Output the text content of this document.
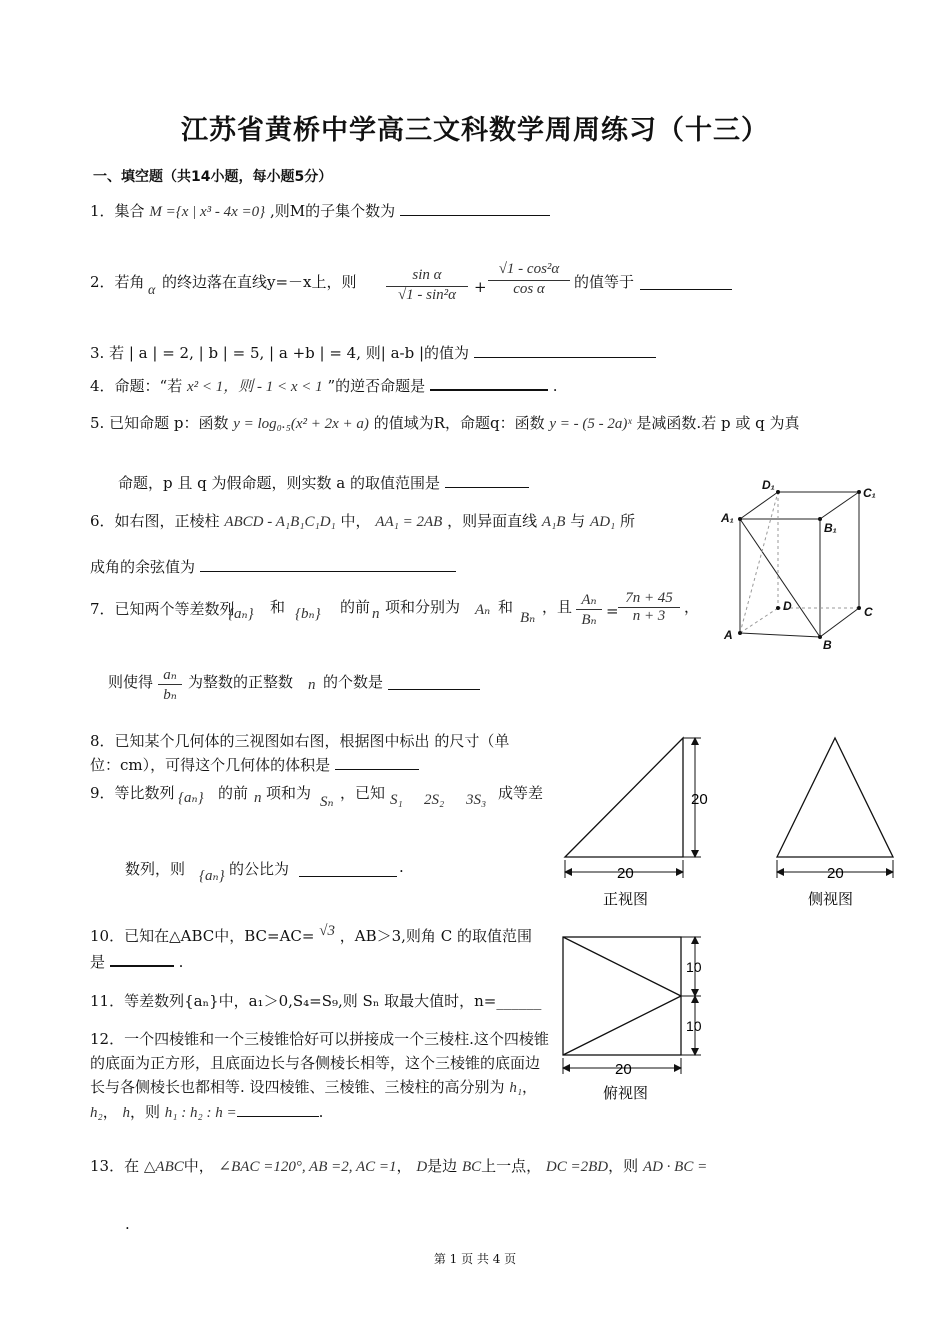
江苏省黄桥中学高三文科数学周周练习（十三）
一、填空题（共14小题，每小题5分）
1．集合 M ={x | x³ - 4x =0} ,则M的子集个数为
2．若角 α 的终边落在直线y=－x上，则 $\frac{\text{sin α}}{\text{√1 - sin²α}} + \frac{\text{√1 - cos²α}}{\text{cos α}}$ 的值等于
3. 若 | a | = 2, | b | = 5, | a +b | = 4, 则| a-b |的值为
4．命题：“若 x² < 1，则 - 1 < x < 1 ”的逆否命题是	.
5. 已知命题 p：函数 y = log₀.₅(x² + 2x + a) 的值域为R，命题q：函数 y = - (5 - 2a)ˣ 是减函数.若 p 或 q 为真
命题，p 且 q 为假命题，则实数 a 的取值范围是
6．如右图，正棱柱 ABCD - A₁B₁C₁D₁ 中， AA₁ = 2AB ，则异面直线 A₁B 与 AD₁ 所
成角的余弦值为
A₁
B₁
D₁
C₁
A
B
D	C
7．已知两个等差数列
{aₙ} 和 {bₙ} 的前 n 项和分别为 Aₙ 和
Bₙ
，且 $\frac{\text{Aₙ}}{\text{Bₙ}} = \frac{7n + 45}{n + 3}$ ，
则使得 $\frac{\text{aₙ}}{\text{bₙ}}$ 为整数的正整数 n 的个数是
8．已知某个几何体的三视图如右图，根据图中标出 的尺寸（单
位：cm），可得这个几何体的体积是
9．等比数列 {aₙ} 的前 n 项和为 Sₙ ，已知 S₁ 2S₂ 3S₃ 成等差
数列，则 {aₙ} 的公比为	.
20
20
正视图
20
侧视图
10
10
20
俯视图
10．已知在△ABC中，BC=AC= √3 ，AB＞3,则角 C 的取值范围
是	.
11．等差数列{aₙ}中，a₁＞0,S₄=S₉,则 Sₙ 取最大值时，n=______
12．一个四棱锥和一个三棱锥恰好可以拼接成一个三棱柱.这个四棱锥的底面为正方形，且底面边长与各侧棱长相等，这个三棱锥的底面边长与各侧棱长也都相等. 设四棱锥、三棱锥、三棱柱的高分别为 h₁， h₂， h，则 h₁ : h₂ : h =	.
13．在 △ABC中， ∠BAC =120°, AB =2, AC =1， D是边 BC上一点， DC =2BD，则 AD · BC =
.
第 1 页 共 4 页
